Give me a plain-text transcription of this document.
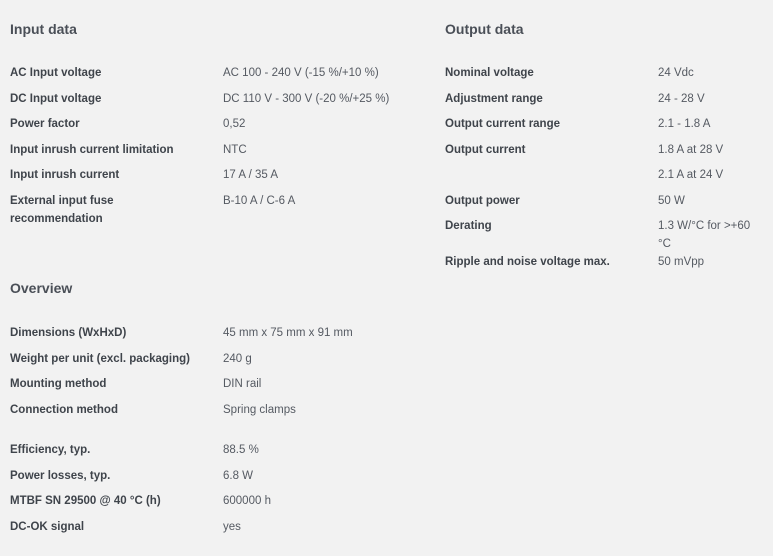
Input data
AC Input voltage	AC 100 - 240 V (-15 %/+10 %)
DC Input voltage	DC 110 V - 300 V (-20 %/+25 %)
Power factor	0,52
Input inrush current limitation	NTC
Input inrush current	17 A / 35 A
External input fuse recommendation	B-10 A / C-6 A
Output data
Nominal voltage	24 Vdc
Adjustment range	24 - 28 V
Output current range	2.1 - 1.8 A
Output current	1.8 A at 28 V
	2.1 A at 24 V
Output power	50 W
Derating	1.3 W/°C for >+60 °C
Ripple and noise voltage max.	50 mVpp
Overview
Dimensions (WxHxD)	45 mm x 75 mm x 91 mm
Weight per unit (excl. packaging)	240 g
Mounting method	DIN rail
Connection method	Spring clamps

Efficiency, typ.	88.5 %
Power losses, typ.	6.8 W
MTBF SN 29500 @ 40 °C (h)	600000 h
DC-OK signal	yes
